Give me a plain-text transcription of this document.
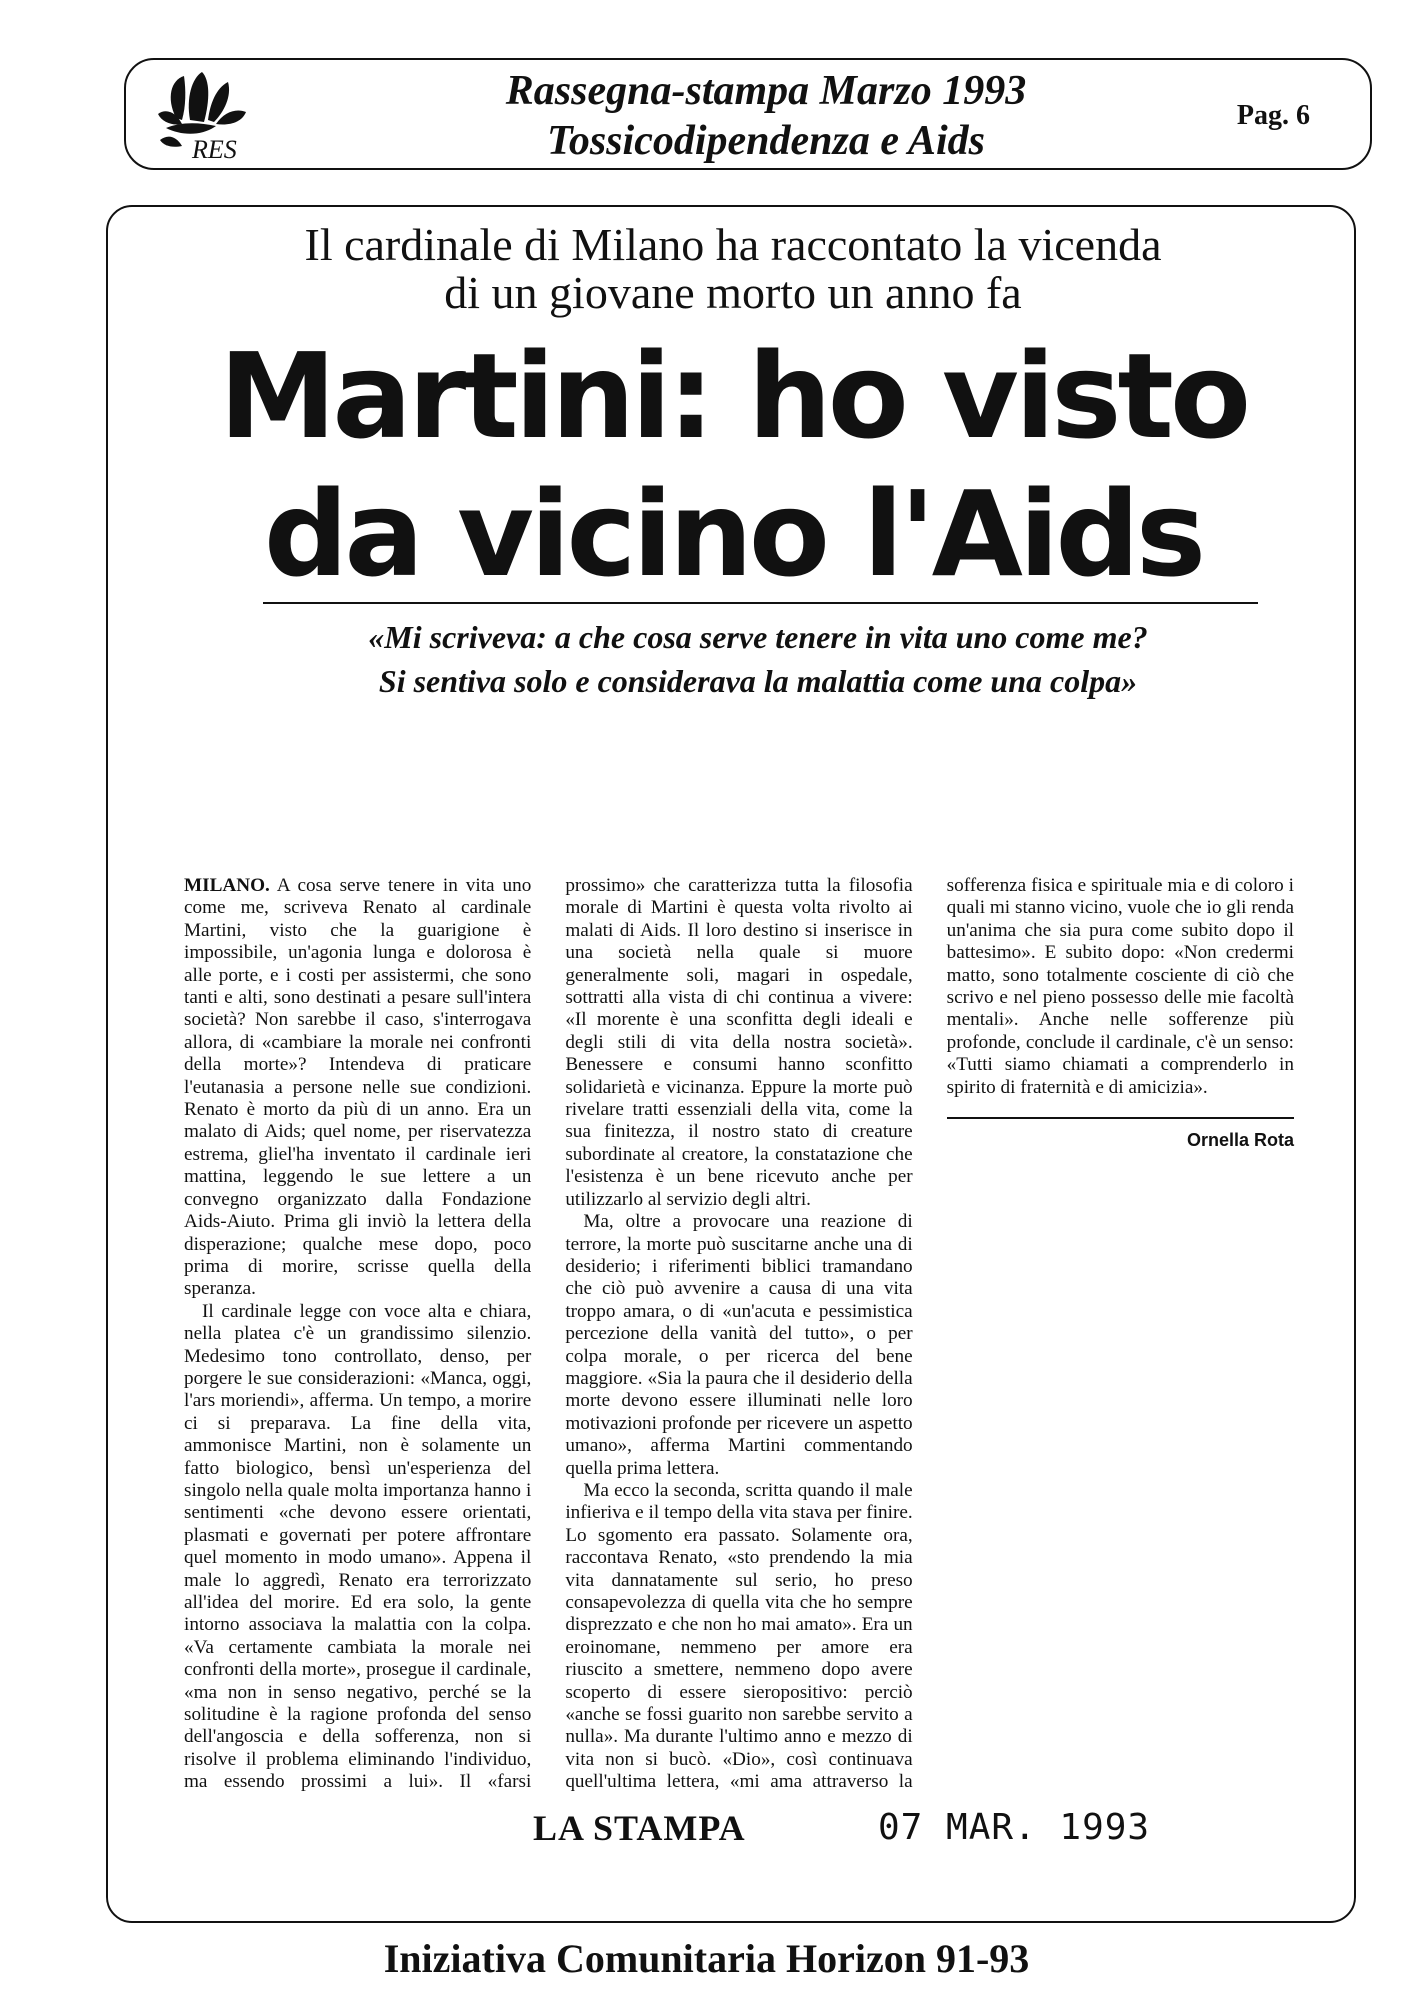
RES
Rassegna-stampa Marzo 1993
Tossicodipendenza e Aids
Pag. 6
Il cardinale di Milano ha raccontato la vicenda
di un giovane morto un anno fa
Martini: ho visto
da vicino l'Aids
«Mi scriveva: a che cosa serve tenere in vita uno come me?
Si sentiva solo e considerava la malattia come una colpa»

MILANO. A cosa serve tenere in vita uno come me, scriveva Renato al cardinale Martini, visto che la guarigione è impossibile, un'agonia lunga e dolorosa è alle porte, e i costi per assistermi, che sono tanti e alti, sono destinati a pesare sull'intera società? Non sarebbe il caso, s'interrogava allora, di «cambiare la morale nei confronti della morte»? Intendeva di praticare l'eutanasia a persone nelle sue condizioni. Renato è morto da più di un anno. Era un malato di Aids; quel nome, per riservatezza estrema, gliel'ha inventato il cardinale ieri mattina, leggendo le sue lettere a un convegno organizzato dalla Fondazione Aids-Aiuto. Prima gli inviò la lettera della disperazione; qualche mese dopo, poco prima di morire, scrisse quella della speranza.

Il cardinale legge con voce alta e chiara, nella platea c'è un grandissimo silenzio. Medesimo tono controllato, denso, per porgere le sue considerazioni: «Manca, oggi, l'ars moriendi», afferma. Un tempo, a morire ci si preparava. La fine della vita, ammonisce Martini, non è solamente un fatto biologico, bensì un'esperienza del singolo nella quale molta importanza hanno i sentimenti «che devono essere orientati, plasmati e governati per potere affrontare quel momento in modo umano». Appena il male lo aggredì, Renato era terrorizzato all'idea del morire. Ed era solo, la gente intorno associava la malattia con la colpa. «Va certamente cambiata la morale nei confronti della morte», prosegue il cardinale, «ma non in senso negativo, perché se la solitudine è la ragione profonda del senso dell'angoscia e della sofferenza, non si risolve il problema eliminando l'individuo, ma essendo prossimi a lui». Il «farsi prossimo» che caratterizza tutta la filosofia morale di Martini è questa volta rivolto ai malati di Aids. Il loro destino si inserisce in una società nella quale si muore generalmente soli, magari in ospedale, sottratti alla vista di chi continua a vivere: «Il morente è una sconfitta degli ideali e degli stili di vita della nostra società». Benessere e consumi hanno sconfitto solidarietà e vicinanza. Eppure la morte può rivelare tratti essenziali della vita, come la sua finitezza, il nostro stato di creature subordinate al creatore, la constatazione che l'esistenza è un bene ricevuto anche per utilizzarlo al servizio degli altri.

Ma, oltre a provocare una reazione di terrore, la morte può suscitarne anche una di desiderio; i riferimenti biblici tramandano che ciò può avvenire a causa di una vita troppo amara, o di «un'acuta e pessimistica percezione della vanità del tutto», o per colpa morale, o per ricerca del bene maggiore. «Sia la paura che il desiderio della morte devono essere illuminati nelle loro motivazioni profonde per ricevere un aspetto umano», afferma Martini commentando quella prima lettera.

Ma ecco la seconda, scritta quando il male infieriva e il tempo della vita stava per finire. Lo sgomento era passato. Solamente ora, raccontava Renato, «sto prendendo la mia vita dannatamente sul serio, ho preso consapevolezza di quella vita che ho sempre disprezzato e che non ho mai amato». Era un eroinomane, nemmeno per amore era riuscito a smettere, nemmeno dopo avere scoperto di essere sieropositivo: perciò «anche se fossi guarito non sarebbe servito a nulla». Ma durante l'ultimo anno e mezzo di vita non si bucò. «Dio», così continuava quell'ultima lettera, «mi ama attraverso la sofferenza fisica e spirituale mia e di coloro i quali mi stanno vicino, vuole che io gli renda un'anima che sia pura come subito dopo il battesimo». E subito dopo: «Non credermi matto, sono totalmente cosciente di ciò che scrivo e nel pieno possesso delle mie facoltà mentali». Anche nelle sofferenze più profonde, conclude il cardinale, c'è un senso: «Tutti siamo chiamati a comprenderlo in spirito di fraternità e di amicizia».

Ornella Rota
LA STAMPA	07 MAR. 1993
Iniziativa Comunitaria Horizon 91-93
